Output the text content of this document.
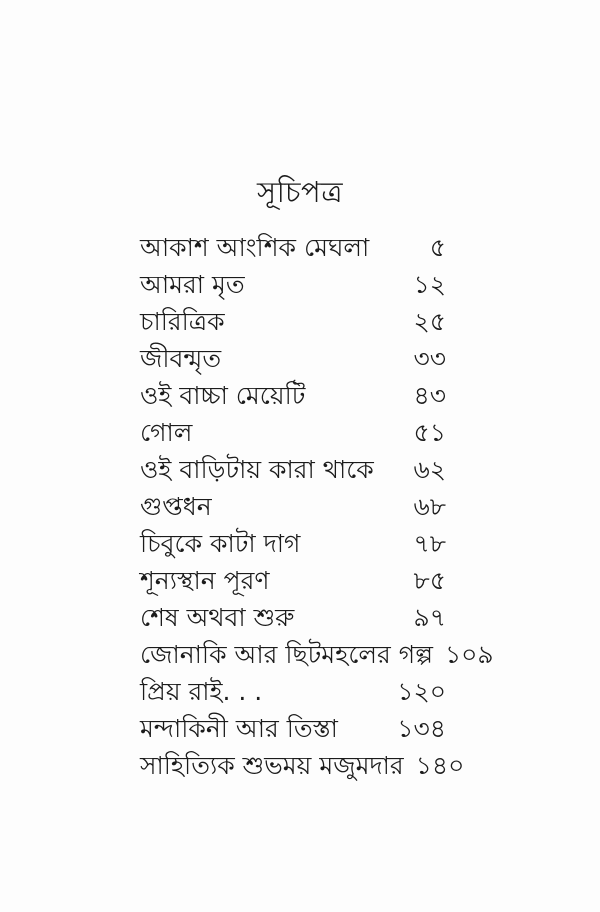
সূচিপত্র
আকাশ আংশিক মেঘলা	৫
আমরা মৃত	১২
চারিত্রিক	২৫
জীবন্মৃত	৩৩
ওই বাচ্চা মেয়েটি	৪৩
গোল	৫১
ওই বাড়িটায় কারা থাকে	৬২
গুপ্তধন	৬৮
চিবুকে কাটা দাগ	৭৮
শূন্যস্থান পূরণ	৮৫
শেষ অথবা শুরু	৯৭
জোনাকি আর ছিটমহলের গল্প ১০৯
প্রিয় রাই. . .	১২০
মন্দাকিনী আর তিস্তা	১৩৪
সাহিত্যিক শুভময় মজুমদার ১৪০
